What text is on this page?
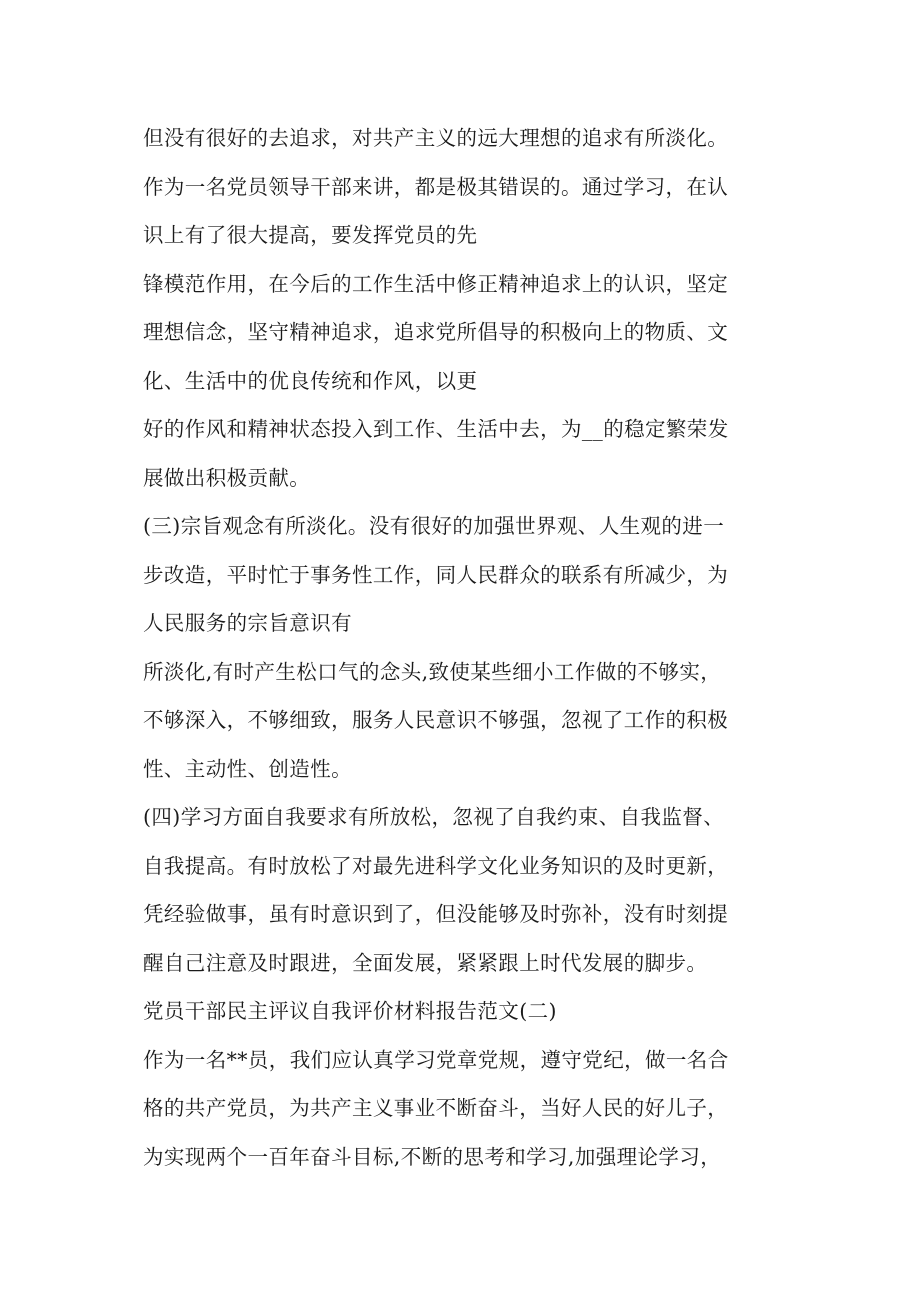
但没有很好的去追求，对共产主义的远大理想的追求有所淡化。
作为一名党员领导干部来讲，都是极其错误的。通过学习，在认
识上有了很大提高，要发挥党员的先
锋模范作用，在今后的工作生活中修正精神追求上的认识，坚定
理想信念，坚守精神追求，追求党所倡导的积极向上的物质、文
化、生活中的优良传统和作风，以更
好的作风和精神状态投入到工作、生活中去，为__的稳定繁荣发
展做出积极贡献。
(三)宗旨观念有所淡化。没有很好的加强世界观、人生观的进一
步改造，平时忙于事务性工作，同人民群众的联系有所减少，为
人民服务的宗旨意识有
所淡化,有时产生松口气的念头,致使某些细小工作做的不够实，
不够深入，不够细致，服务人民意识不够强，忽视了工作的积极
性、主动性、创造性。
(四)学习方面自我要求有所放松，忽视了自我约束、自我监督、
自我提高。有时放松了对最先进科学文化业务知识的及时更新，
凭经验做事，虽有时意识到了，但没能够及时弥补，没有时刻提
醒自己注意及时跟进，全面发展，紧紧跟上时代发展的脚步。
党员干部民主评议自我评价材料报告范文(二)
作为一名**员，我们应认真学习党章党规，遵守党纪，做一名合
格的共产党员，为共产主义事业不断奋斗，当好人民的好儿子，
为实现两个一百年奋斗目标,不断的思考和学习,加强理论学习，
